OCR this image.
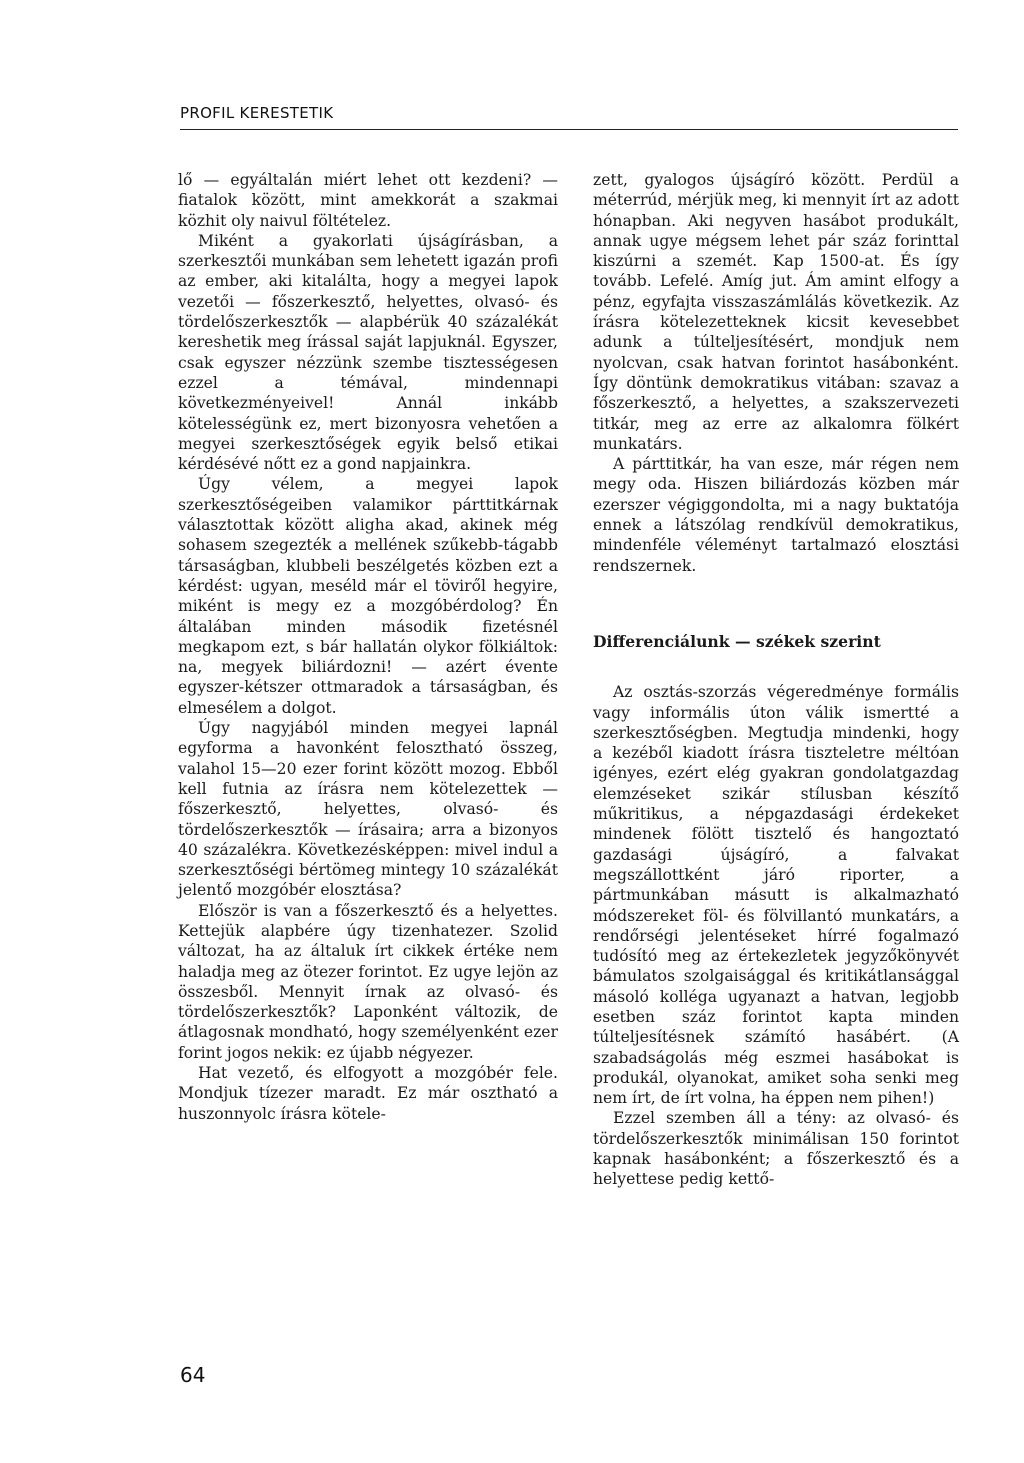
PROFIL KERESTETIK

lő — egyáltalán miért lehet ott kezdeni? — fiatalok között, mint amekkorát a szakmai közhit oly naivul föltételez.

Miként a gyakorlati újságírásban, a szerkesztői munkában sem lehetett igazán profi az ember, aki kitalálta, hogy a megyei lapok vezetői — főszerkesztő, helyettes, olvasó- és tördelőszerkesztők — alapbérük 40 százalékát kereshetik meg írással saját lapjuknál. Egyszer, csak egyszer nézzünk szembe tisztességesen ezzel a témával, mindennapi következményeivel! Annál inkább kötelességünk ez, mert bizonyosra vehetően a megyei szerkesztőségek egyik belső etikai kérdésévé nőtt ez a gond napjainkra.

Úgy vélem, a megyei lapok szerkesztőségeiben valamikor párttitkárnak választottak között aligha akad, akinek még sohasem szegezték a mellének szűkebb-tágabb társaságban, klubbeli beszélgetés közben ezt a kérdést: ugyan, meséld már el töviről hegyire, miként is megy ez a mozgóbérdolog? Én általában minden második fizetésnél megkapom ezt, s bár hallatán olykor fölkiáltok: na, megyek biliárdozni! — azért évente egyszer-kétszer ottmaradok a társaságban, és elmesélem a dolgot.

Úgy nagyjából minden megyei lapnál egyforma a havonként felosztható összeg, valahol 15—20 ezer forint között mozog. Ebből kell futnia az írásra nem kötelezettek — főszerkesztő, helyettes, olvasó- és tördelőszerkesztők — írásaira; arra a bizonyos 40 százalékra. Következésképpen: mivel indul a szerkesztőségi bértömeg mintegy 10 százalékát jelentő mozgóbér elosztása?

Először is van a főszerkesztő és a helyettes. Kettejük alapbére úgy tizenhatezer. Szolid változat, ha az általuk írt cikkek értéke nem haladja meg az ötezer forintot. Ez ugye lejön az összesből. Mennyit írnak az olvasó- és tördelőszerkesztők? Laponként változik, de átlagosnak mondható, hogy személyenként ezer forint jogos nekik: ez újabb négyezer.

Hat vezető, és elfogyott a mozgóbér fele. Mondjuk tízezer maradt. Ez már osztható a huszonnyolc írásra kötele-

zett, gyalogos újságíró között. Perdül a méterrúd, mérjük meg, ki mennyit írt az adott hónapban. Aki negyven hasábot produkált, annak ugye mégsem lehet pár száz forinttal kiszúrni a szemét. Kap 1500-at. És így tovább. Lefelé. Amíg jut. Ám amint elfogy a pénz, egyfajta visszaszámlálás következik. Az írásra kötelezetteknek kicsit kevesebbet adunk a túlteljesítésért, mondjuk nem nyolcvan, csak hatvan forintot hasábonként. Így döntünk demokratikus vitában: szavaz a főszerkesztő, a helyettes, a szakszervezeti titkár, meg az erre az alkalomra fölkért munkatárs.

A párttitkár, ha van esze, már régen nem megy oda. Hiszen biliárdozás közben már ezerszer végiggondolta, mi a nagy buktatója ennek a látszólag rendkívül demokratikus, mindenféle véleményt tartalmazó elosztási rendszernek.

Differenciálunk — székek szerint

Az osztás-szorzás végeredménye formális vagy informális úton válik ismertté a szerkesztőségben. Megtudja mindenki, hogy a kezéből kiadott írásra tiszteletre méltóan igényes, ezért elég gyakran gondolatgazdag elemzéseket szikár stílusban készítő műkritikus, a népgazdasági érdekeket mindenek fölött tisztelő és hangoztató gazdasági újságíró, a falvakat megszállottként járó riporter, a pártmunkában másutt is alkalmazható módszereket föl- és fölvillantó munkatárs, a rendőrségi jelentéseket hírré fogalmazó tudósító meg az értekezletek jegyzőkönyvét bámulatos szolgaisággal és kritikátlansággal másoló kolléga ugyanazt a hatvan, legjobb esetben száz forintot kapta minden túlteljesítésnek számító hasábért. (A szabadságolás még eszmei hasábokat is produkál, olyanokat, amiket soha senki meg nem írt, de írt volna, ha éppen nem pihen!)

Ezzel szemben áll a tény: az olvasó- és tördelőszerkesztők minimálisan 150 forintot kapnak hasábonként; a főszerkesztő és a helyettese pedig kettő-

64
